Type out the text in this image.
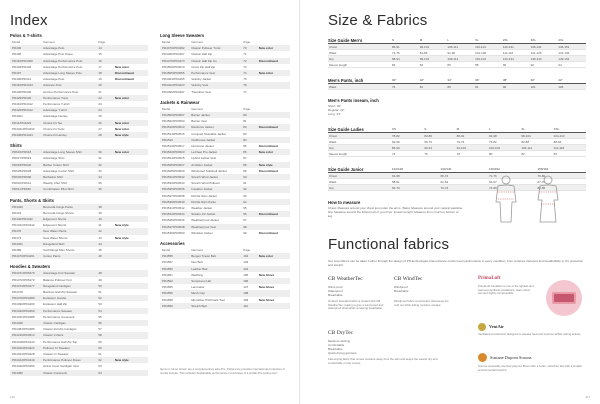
Index
Polos & T-shirts
Model	Garment	Page
PD400	Advantage Polo	14
PD406	Advantage Polo Pique	15
PD410/PD4400	Advantage Performance Polo	16
PD402/PD404	Advantage Performance Polo	17	New color
PD407	Advantage Long Sleeve Polo	18	Discontinued
PD406/PD414	Advantage Polo	19	Discontinued
PD410/PD4413	Advance Polo	20
PD430/PD440	Horizon Performance Polo	21
PD429/PD430	Performance Tunic	22	New color
PD410/PD4412	Performance T-shirt	23
PD420/PD4412	Advantage T-shirt	24
PD4421	Advantage Henley	25
PD41/PD4423	Choice Fit Tee	26	New color
PD4421/PD4432	Choice Fit Tunic	27	New color
PD430/PD4424	Choice Fit Henley	28	New style
Shirts
PD616/PD618	Advantage Long Sleeve Shirt	30	New color
PD617/PD619	Advantage Shirt	31
PD618/PD620	Barber Cotton Shirt	32
PD626/PD628	Advantage Cotton Shirt	33
PD604/PD606	Barbados Shirt	34
PD610/PD612	Weekly Chef Shirt	35
PD611/PD640	Combination Pilot Shirt	36
Pants, Shorts & Skirts
PD4430	Bermuda Cargo Pants	38
PD431	Bermuda Cargo Shorts	39
PD440/PD4442	Edgemont Shorts	40
PD4441/PD4442	Edgemont Skorts	41	New style
PD470	New Water Pants	42
PD473	New Water Shorts	43	New style
PD4451	Rangeland Skirt	44
PD480	Golf Range Men Shorts	45
PD4470/PD4491	Cotton Pants	46
Hoodies & Sweaters
PD4471/PD5470	Advantage Knit Sweater	48
PD4472/PD5472	Balance Pullover Knit	49
PD4474/PD4477	Rangeland Cardigan	50
PD4478	Bamboo Half Zip Sweater	51
PD4470/PD4480	Endeavor Hoodie	52
PD4490/PD4400	Endeavor Half Zip	53
PD4432/PD4460	Performance Sweater	54
PD4431/PD4488	Performance Crewneck	55
PD4438	Classic Cardigan	56
PD4484/PD4485	Classic Full Zip Cardigan	57
PD4416/PD4514	Classic V-Neck	58
PD4418/PD4443	Performance Half Zip Top	59
PD4420/PD4422	Pullover Cr Sweater	60
PD4424/PD4428	Classic Cr Sweater	61
PD4424/PD4449	Performance Pullover Dress	62	New style
PD4426/PD4469	Active Crew Cardigan Vest	63
PD4480	Classic Crewneck	64
Long Sleeve Sweaters
Model	Garment	Page
PD4470/PD4482 Classic Pullover Tunic	70	New color
PD4466/PD4467 Classic Half Zip	71
PD4470/PD4473 Classic Half Zip Cu	72	Discontinued
PD4500/PD4510 Cross Zip Half Zip	73
PD4505/PD4555 Performance Vest	74	New color
PD4464/PD4465 Velocity Jacket	75
PD4422/PD4423 Velocity Vest	76
PD4496/PD4497 Transition Vest	77
Jackets & Rainwear
Model	Garment	Page
PD4506/PD4507 Barrier Jacket	80
PD4502/PD4503 Barrier Vest	81
PD4510/PD4513 Rainforce Jacket	82	Discontinued
PD4514/PD4515 Compact Stowable Jacket	83
PD4516	Clubhouse Jacket	84
PD4513/PD4517 Hurricane Jacket	85	Discontinued
PD4520/PD4523 La Fleet Pro Jacket	86	New color
PD4524/PD4525 Hybrid Jacket Vest	87
PD4526/PD4527 Ambition Jacket	88	New style
PD4528/PD4529 Windproof Softshell Jacket	89	Discontinued
PD4531/PD4532 Stretch Wind Jacket	90
PD4533/PD4534 Stretch Wind Pullover	91
PD4535/PD4536 Insulator Jacket	92
PD4537/PD4538 Drizzle Rain Jacket	93
PD4539/PD4540 Drizzle Rain Pants	94
PD4541/PD4542 Weather Jacket	95
PD4543/PD4544 Stratus 1/2 Jacket	96	Discontinued
PD4545/PD4546 Weatherproof Jacket	97
PD4547/PD4548 Weatherproof Vest	98
PD4549/PD4550 Windstar Jacket	99	Discontinued
Accessories
Model	Garment	Page
PD4555	Bergen Travel Belt	102	New color
PD4557	Neo Belt	103
PD4560	Leather Belt	104
PD4561	Webbing	105	New Glove
PD4562	Sunscreen Hat	106
PD4565	Laminator	107	New Glove
PD4566	Mesh Cap	108
PD4568	Microfiber Pitchmark Tool	109	New Glove
PD4569	Stretch Belt	110
Items in colour shown are a complementary Like-Pro. Preference provides international production of results include. This includes Sustainable performance in exclusive of a similar-Pro lookup tool.
116
Size & Fabrics
Size Guide Men's	S	M	L	XL	2XL	3XL	4XL
Chest	86-91	96-101	106-111	116-121	126-131	136-141	146-151
Waist	71-76	81-86	91-96	101-106	111-116	121-126	131-136
Hip	88-94	99-104	109-114	119-124	129-134	139-144	149-154
Sleeve length	82	84	86	88	90	92	94
Men's Pants, inch	30"	32"	34"	36"	38"	40"	42"
Waist	76	81	86	91	96	101	106
Size Guide Ladies	XS	S	M	L	XL	XXL
Chest	78-82	82-86	86-92	92-98	98-104	104-110
Waist	62-66	66-70	70-76	76-82	82-88	88-94
Hip	86-90	90-94	94-100	100-106	106-112	112-118
Sleeve length	74	76	78	80	82	84
Size Guide Junior	122/128	134/140	146/152	158/164
Chest	64-68	68-72	72-76	76-80
Waist	58-61	61-64	64-67	67-70
Hip	66-70	70-74	74-80	80-86
Men's Pants inseam, inch
Short: 30"
Regular: 32"
Long: 34"
How to measure
Chest: Measure around your chest just under the arms. Waist: Measure around your natural waistline. Hip: Measure around the fullest part of your hips. Inseam length: Measure from crotch to bottom of leg.
Functional fabrics
Our core fabrics can be taken further through the design of PD technologies that enhance comfort and performance in every condition, from moisture transport and breathability to UV protection and stretch.
CB WeatherTec
Wind proof
Waterproof
Breathable
Outdoor standard fabric is treated with CB WeatherTec coating to give a wind-proof and waterproof shell while remaining breathable.
CB WindTec
Windproof
Breathable
Windproof fabric construction that keeps the cold out while letting moisture escape.
CB DryTec
Moisture wicking
Comfortable
Breathable
Quick drying garment
Fast-drying fabric that moves moisture away from the skin and keeps the wearer dry and comfortable on the course.
PrimaLoft
PrimaLoft insulation is one of the lightest and warmest synthetic insulations, warm when wet and highly compressible.
VentAir
Ventilated construction designed to release heat and improve airflow during activity.
Sustane Dupont Sorona
Sorona renewably sourced polymer fibres offer a softer, stretchier feel with a smaller environmental footprint.
117
